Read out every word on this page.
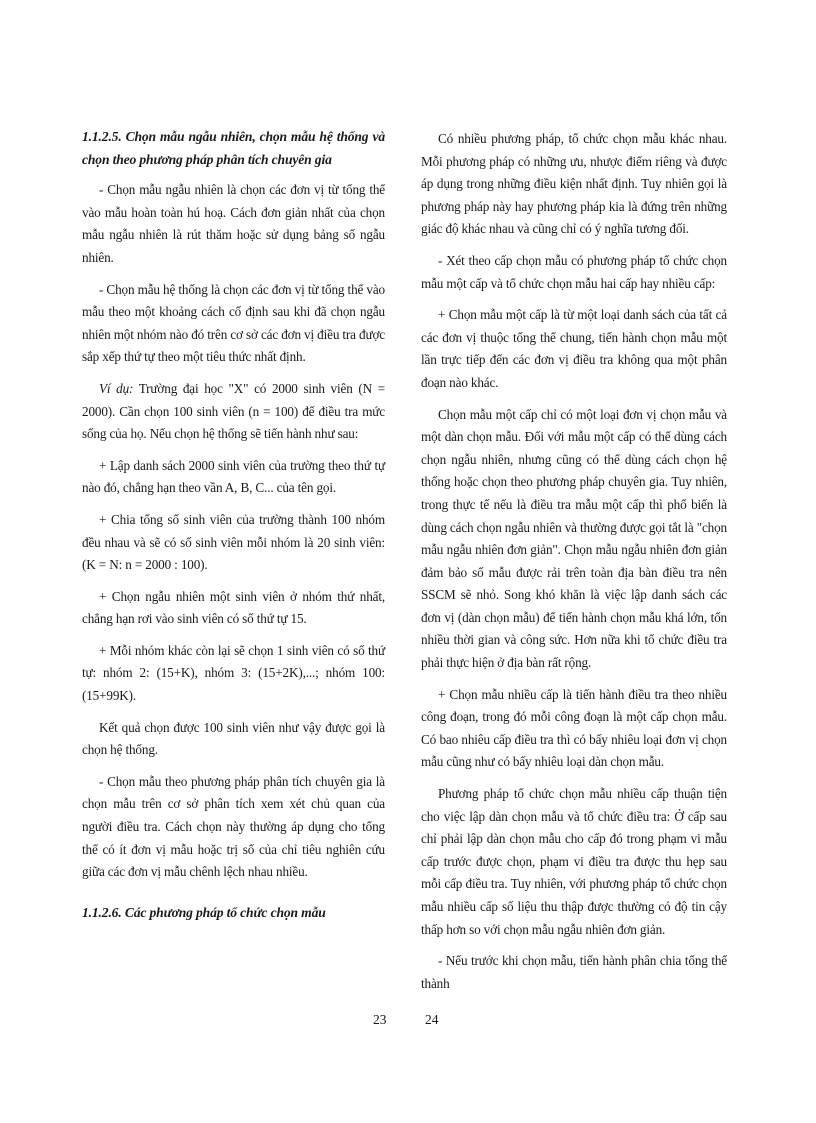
1.1.2.5. Chọn mẫu ngẫu nhiên, chọn mẫu hệ thống và chọn theo phương pháp phân tích chuyên gia

- Chọn mẫu ngẫu nhiên là chọn các đơn vị từ tổng thể vào mẫu hoàn toàn hú hoạ. Cách đơn giản nhất của chọn mẫu ngẫu nhiên là rút thăm hoặc sử dụng bảng số ngẫu nhiên.

- Chọn mẫu hệ thống là chọn các đơn vị từ tổng thể vào mẫu theo một khoảng cách cố định sau khi đã chọn ngẫu nhiên một nhóm nào đó trên cơ sở các đơn vị điều tra được sắp xếp thứ tự theo một tiêu thức nhất định.

Ví dụ: Trường đại học "X" có 2000 sinh viên (N = 2000). Cần chọn 100 sinh viên (n = 100) để điều tra mức sống của họ. Nếu chọn hệ thống sẽ tiến hành như sau:

+ Lập danh sách 2000 sinh viên của trường theo thứ tự nào đó, chẳng hạn theo vần A, B, C... của tên gọi.

+ Chia tổng số sinh viên của trường thành 100 nhóm đều nhau và sẽ có số sinh viên mỗi nhóm là 20 sinh viên: (K = N: n = 2000 : 100).

+ Chọn ngẫu nhiên một sinh viên ở nhóm thứ nhất, chẳng hạn rơi vào sinh viên có số thứ tự 15.

+ Mỗi nhóm khác còn lại sẽ chọn 1 sinh viên có số thứ tự: nhóm 2: (15+K), nhóm 3: (15+2K),...; nhóm 100: (15+99K).

Kết quả chọn được 100 sinh viên như vậy được gọi là chọn hệ thống.

- Chọn mẫu theo phương pháp phân tích chuyên gia là chọn mẫu trên cơ sở phân tích xem xét chủ quan của người điều tra. Cách chọn này thường áp dụng cho tổng thể có ít đơn vị mẫu hoặc trị số của chỉ tiêu nghiên cứu giữa các đơn vị mẫu chênh lệch nhau nhiều.

1.1.2.6. Các phương pháp tổ chức chọn mẫu

Có nhiều phương pháp, tổ chức chọn mẫu khác nhau. Mỗi phương pháp có những ưu, nhược điểm riêng và được áp dụng trong những điều kiện nhất định. Tuy nhiên gọi là phương pháp này hay phương pháp kia là đứng trên những giác độ khác nhau và cũng chỉ có ý nghĩa tương đối.

- Xét theo cấp chọn mẫu có phương pháp tổ chức chọn mẫu một cấp và tổ chức chọn mẫu hai cấp hay nhiều cấp:

+ Chọn mẫu một cấp là từ một loại danh sách của tất cả các đơn vị thuộc tổng thể chung, tiến hành chọn mẫu một lần trực tiếp đến các đơn vị điều tra không qua một phân đoạn nào khác.

Chọn mẫu một cấp chỉ có một loại đơn vị chọn mẫu và một dàn chọn mẫu. Đối với mẫu một cấp có thể dùng cách chọn ngẫu nhiên, nhưng cũng có thể dùng cách chọn hệ thống hoặc chọn theo phương pháp chuyên gia. Tuy nhiên, trong thực tế nếu là điều tra mẫu một cấp thì phổ biến là dùng cách chọn ngẫu nhiên và thường được gọi tắt là "chọn mẫu ngẫu nhiên đơn giản". Chọn mẫu ngẫu nhiên đơn giản đảm bảo số mẫu được rải trên toàn địa bàn điều tra nên SSCM sẽ nhỏ. Song khó khăn là việc lập danh sách các đơn vị (dàn chọn mẫu) để tiến hành chọn mẫu khá lớn, tốn nhiều thời gian và công sức. Hơn nữa khi tổ chức điều tra phải thực hiện ở địa bàn rất rộng.

+ Chọn mẫu nhiều cấp là tiến hành điều tra theo nhiều công đoạn, trong đó mỗi công đoạn là một cấp chọn mẫu. Có bao nhiêu cấp điều tra thì có bấy nhiêu loại đơn vị chọn mẫu cũng như có bấy nhiêu loại dàn chọn mẫu.

Phương pháp tổ chức chọn mẫu nhiều cấp thuận tiện cho việc lập dàn chọn mẫu và tổ chức điều tra: Ở cấp sau chỉ phải lập dàn chọn mẫu cho cấp đó trong phạm vi mẫu cấp trước được chọn, phạm vi điều tra được thu hẹp sau mỗi cấp điều tra. Tuy nhiên, với phương pháp tổ chức chọn mẫu nhiều cấp số liệu thu thập được thường có độ tin cậy thấp hơn so với chọn mẫu ngẫu nhiên đơn giản.

- Nếu trước khi chọn mẫu, tiến hành phân chia tổng thể thành

23	24
